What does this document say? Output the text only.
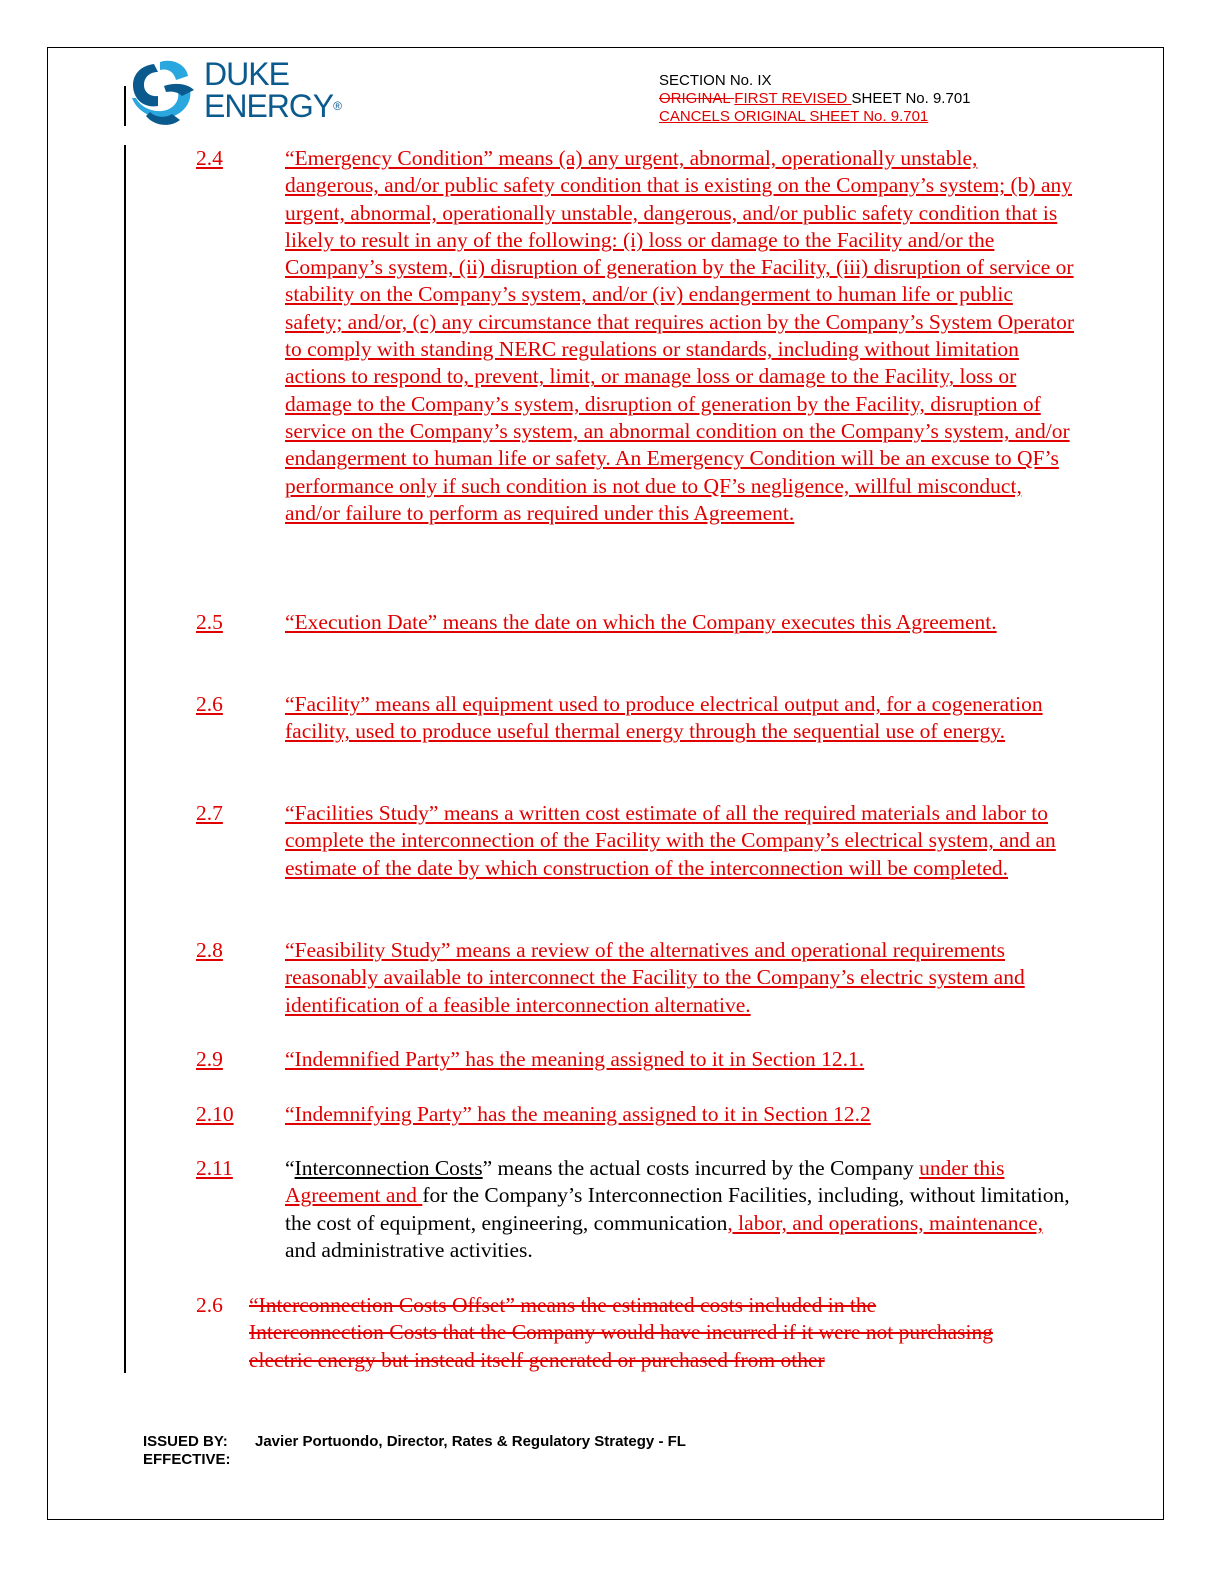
DUKE
ENERGY®
SECTION No. IX
ORIGINAL FIRST REVISED SHEET No. 9.701
CANCELS ORIGINAL SHEET No. 9.701
2.4	“Emergency Condition” means (a) any urgent, abnormal, operationally unstable, dangerous, and/or public safety condition that is existing on the Company’s system; (b) any urgent, abnormal, operationally unstable, dangerous, and/or public safety condition that is likely to result in any of the following: (i) loss or damage to the Facility and/or the Company’s system, (ii) disruption of generation by the Facility, (iii) disruption of service or stability on the Company’s system, and/or (iv) endangerment to human life or public safety; and/or, (c) any circumstance that requires action by the Company’s System Operator to comply with standing NERC regulations or standards, including without limitation actions to respond to, prevent, limit, or manage loss or damage to the Facility, loss or damage to the Company’s system, disruption of generation by the Facility, disruption of service on the Company’s system, an abnormal condition on the Company’s system, and/or endangerment to human life or safety. An Emergency Condition will be an excuse to QF’s performance only if such condition is not due to QF’s negligence, willful misconduct, and/or failure to perform as required under this Agreement.
2.5	“Execution Date” means the date on which the Company executes this Agreement.
2.6	“Facility” means all equipment used to produce electrical output and, for a cogeneration facility, used to produce useful thermal energy through the sequential use of energy.
2.7	“Facilities Study” means a written cost estimate of all the required materials and labor to complete the interconnection of the Facility with the Company’s electrical system, and an estimate of the date by which construction of the interconnection will be completed.
2.8	“Feasibility Study” means a review of the alternatives and operational requirements reasonably available to interconnect the Facility to the Company’s electric system and identification of a feasible interconnection alternative.
2.9	“Indemnified Party” has the meaning assigned to it in Section 12.1.
2.10	“Indemnifying Party” has the meaning assigned to it in Section 12.2
2.11	“Interconnection Costs” means the actual costs incurred by the Company under this Agreement and for the Company’s Interconnection Facilities, including, without limitation, the cost of equipment, engineering, communication, labor, and operations, maintenance, and administrative activities.
2.6 “Interconnection Costs Offset” means the estimated costs included in the Interconnection Costs that the Company would have incurred if it were not purchasing electric energy but instead itself generated or purchased from other
ISSUED BY: Javier Portuondo, Director, Rates & Regulatory Strategy - FL
EFFECTIVE:
